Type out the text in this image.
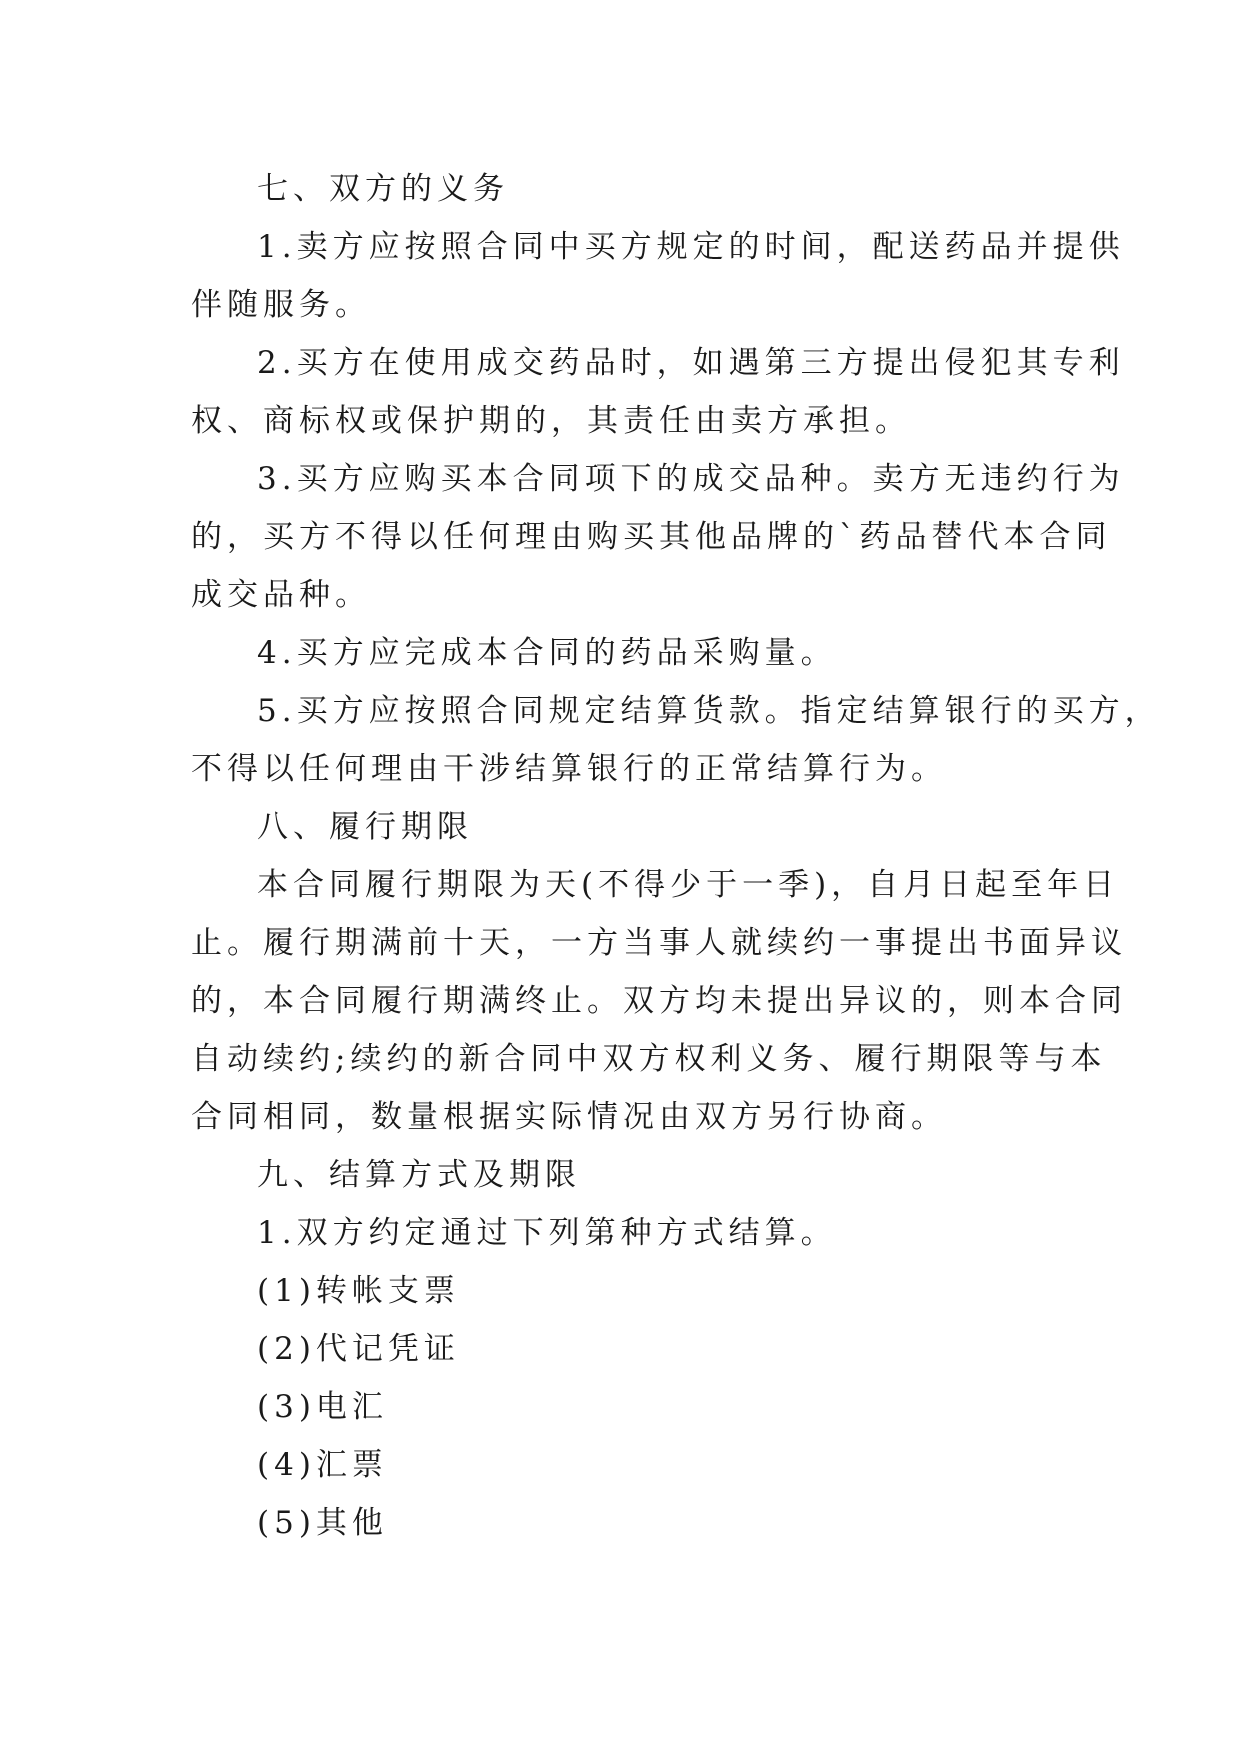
七、双方的义务

1.卖方应按照合同中买方规定的时间，配送药品并提供

伴随服务。

2.买方在使用成交药品时，如遇第三方提出侵犯其专利

权、商标权或保护期的，其责任由卖方承担。

3.买方应购买本合同项下的成交品种。卖方无违约行为

的，买方不得以任何理由购买其他品牌的`药品替代本合同

成交品种。

4.买方应完成本合同的药品采购量。

5.买方应按照合同规定结算货款。指定结算银行的买方，

不得以任何理由干涉结算银行的正常结算行为。

八、履行期限

本合同履行期限为天(不得少于一季)，自月日起至年日

止。履行期满前十天，一方当事人就续约一事提出书面异议

的，本合同履行期满终止。双方均未提出异议的，则本合同

自动续约;续约的新合同中双方权利义务、履行期限等与本

合同相同，数量根据实际情况由双方另行协商。

九、结算方式及期限

1.双方约定通过下列第种方式结算。

(1)转帐支票

(2)代记凭证

(3)电汇

(4)汇票

(5)其他
